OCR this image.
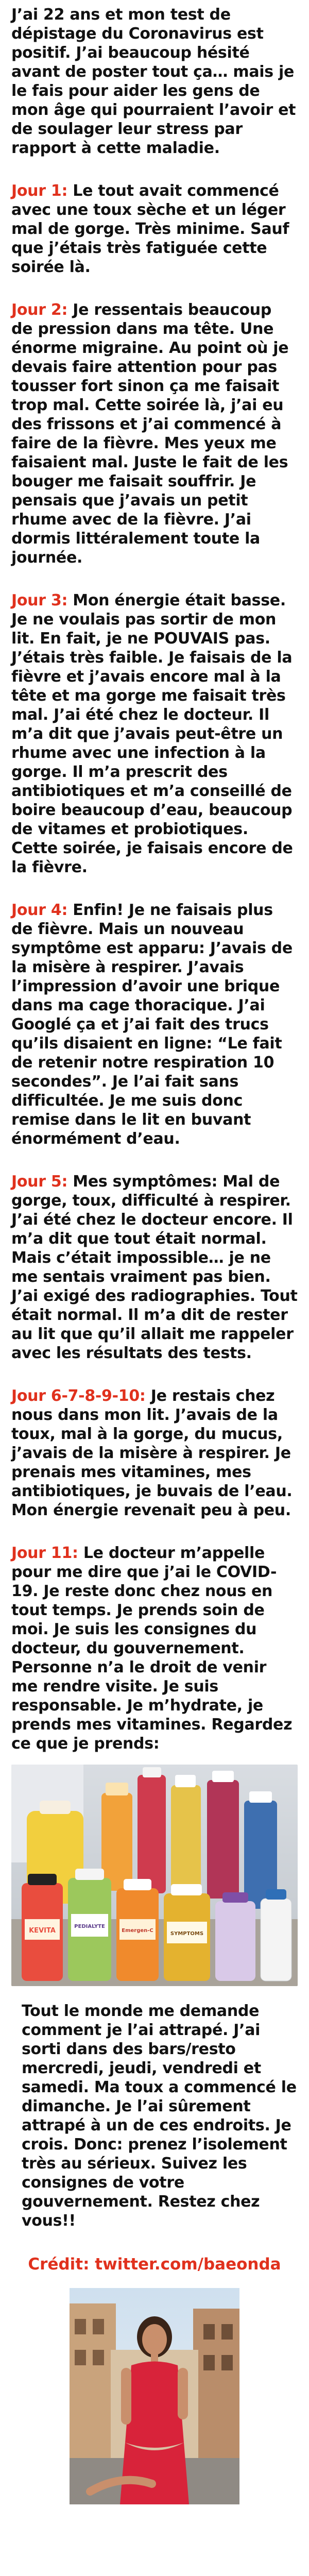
J’ai 22 ans et mon test de dépistage du Coronavirus est positif. J’ai beaucoup hésité avant de poster tout ça… mais je le fais pour aider les gens de mon âge qui pourraient l’avoir et de soulager leur stress par rapport à cette maladie.

Jour 1: Le tout avait commencé avec une toux sèche et un léger mal de gorge. Très minime. Sauf que j’étais très fatiguée cette soirée là.

Jour 2: Je ressentais beaucoup de pression dans ma tête. Une énorme migraine. Au point où je devais faire attention pour pas tousser fort sinon ça me faisait trop mal. Cette soirée là, j’ai eu des frissons et j’ai commencé à faire de la fièvre. Mes yeux me faisaient mal. Juste le fait de les bouger me faisait souffrir. Je pensais que j’avais un petit rhume avec de la fièvre. J’ai dormis littéralement toute la journée.

Jour 3: Mon énergie était basse. Je ne voulais pas sortir de mon lit. En fait, je ne POUVAIS pas. J’étais très faible. Je faisais de la fièvre et j’avais encore mal à la tête et ma gorge me faisait très mal. J’ai été chez le docteur. Il m’a dit que j’avais peut-être un rhume avec une infection à la gorge. Il m’a prescrit des antibiotiques et m’a conseillé de boire beaucoup d’eau, beaucoup de vitames et probiotiques. Cette soirée, je faisais encore de la fièvre.

Jour 4: Enfin! Je ne faisais plus de fièvre. Mais un nouveau symptôme est apparu: J’avais de la misère à respirer. J’avais l’impression d’avoir une brique dans ma cage thoracique. J’ai Googlé ça et j’ai fait des trucs qu’ils disaient en ligne: “Le fait de retenir notre respiration 10 secondes”. Je l’ai fait sans difficultée. Je me suis donc remise dans le lit en buvant énormément d’eau.

Jour 5: Mes symptômes: Mal de gorge, toux, difficulté à respirer. J’ai été chez le docteur encore. Il m’a dit que tout était normal. Mais c’était impossible… je ne me sentais vraiment pas bien. J’ai exigé des radiographies. Tout était normal. Il m’a dit de rester au lit que qu’il allait me rappeler avec les résultats des tests.

Jour 6-7-8-9-10: Je restais chez nous dans mon lit. J’avais de la toux, mal à la gorge, du mucus, j’avais de la misère à respirer. Je prenais mes vitamines, mes antibiotiques, je buvais de l’eau. Mon énergie revenait peu à peu.

Jour 11: Le docteur m’appelle pour me dire que j’ai le COVID-19. Je reste donc chez nous en tout temps. Je prends soin de moi. Je suis les consignes du docteur, du gouvernement. Personne n’a le droit de venir me rendre visite. Je suis responsable. Je m’hydrate, je prends mes vitamines. Regardez ce que je prends:

KEVITA
PEDIALYTE
Emergen-C
SYMPTOMS

Tout le monde me demande comment je l’ai attrapé. J’ai sorti dans des bars/resto mercredi, jeudi, vendredi et samedi. Ma toux a commencé le dimanche. Je l’ai sûrement attrapé à un de ces endroits. Je crois. Donc: prenez l’isolement très au sérieux. Suivez les consignes de votre gouvernement. Restez chez vous!!

Crédit: twitter.com/baeonda
